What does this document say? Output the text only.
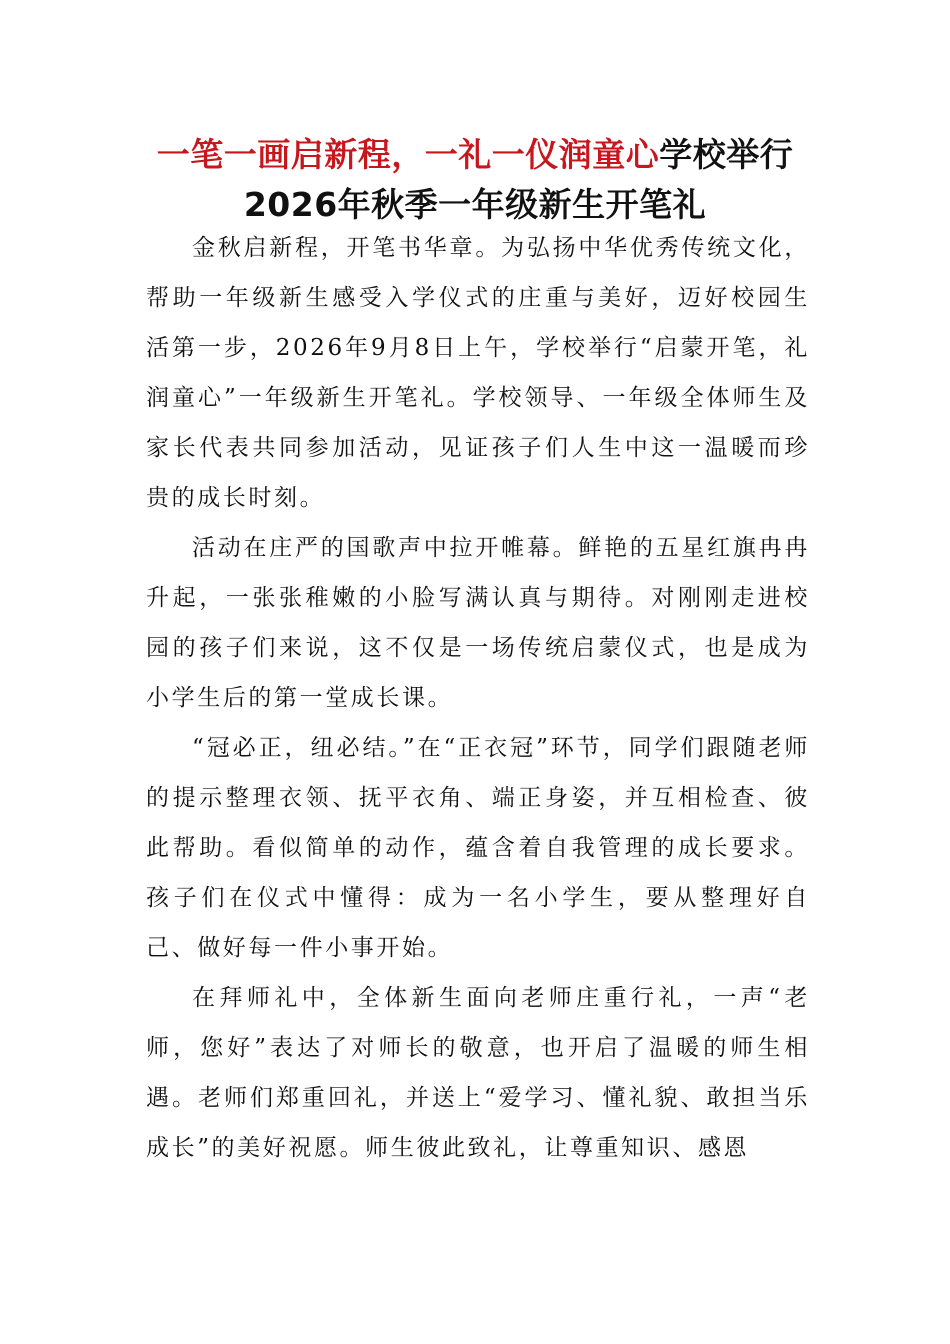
一笔一画启新程，一礼一仪润童心学校举行2026年秋季一年级新生开笔礼

金秋启新程，开笔书华章。为弘扬中华优秀传统文化，帮助一年级新生感受入学仪式的庄重与美好，迈好校园生活第一步，2026年9月8日上午，学校举行“启蒙开笔，礼润童心”一年级新生开笔礼。学校领导、一年级全体师生及家长代表共同参加活动，见证孩子们人生中这一温暖而珍贵的成长时刻。

活动在庄严的国歌声中拉开帷幕。鲜艳的五星红旗冉冉升起，一张张稚嫩的小脸写满认真与期待。对刚刚走进校园的孩子们来说，这不仅是一场传统启蒙仪式，也是成为小学生后的第一堂成长课。

“冠必正，纽必结。”在“正衣冠”环节，同学们跟随老师的提示整理衣领、抚平衣角、端正身姿，并互相检查、彼此帮助。看似简单的动作，蕴含着自我管理的成长要求。孩子们在仪式中懂得：成为一名小学生，要从整理好自己、做好每一件小事开始。

在拜师礼中，全体新生面向老师庄重行礼，一声“老师，您好”表达了对师长的敬意，也开启了温暖的师生相遇。老师们郑重回礼，并送上“爱学习、懂礼貌、敢担当乐成长”的美好祝愿。师生彼此致礼，让尊重知识、感恩
